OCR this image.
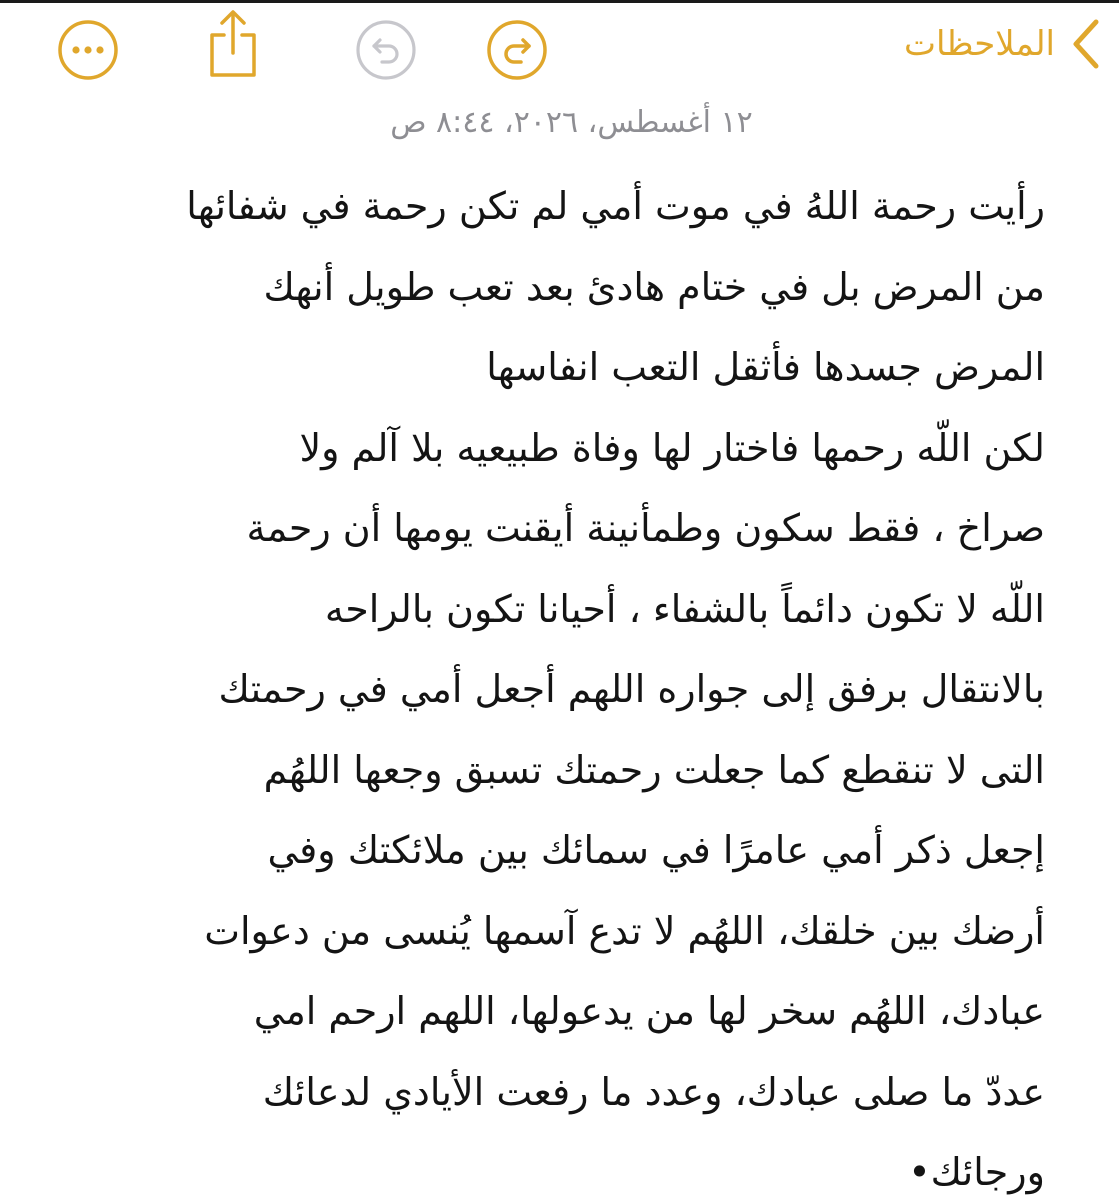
الملاحظات
١٢ أغسطس، ٢٠٢٦، ٨:٤٤ ص
رأيت رحمة اللهُ في موت أمي لم تكن رحمة في شفائها
من المرض بل في ختام هادئ بعد تعب طويل أنهك
المرض جسدها فأثقل التعب انفاسها
لكن اللّه رحمها فاختار لها وفاة طبيعيه بلا آلم ولا
صراخ ، فقط سكون وطمأنينة أيقنت يومها أن رحمة
اللّه لا تكون دائماً بالشفاء ، أحيانا تكون بالراحه
بالانتقال برفق إلى جواره اللهم أجعل أمي في رحمتك
التى لا تنقطع كما جعلت رحمتك تسبق وجعها اللهُم
إجعل ذكر أمي عامرًا في سمائك بين ملائكتك وفي
أرضك بين خلقك، اللهُم لا تدع آسمها يُنسى من دعوات
عبادك، اللهُم سخر لها من يدعولها، اللهم ارحم امي
عددّ ما صلى عبادك، وعدد ما رفعت الأيادي لدعائك
ورجائك•
